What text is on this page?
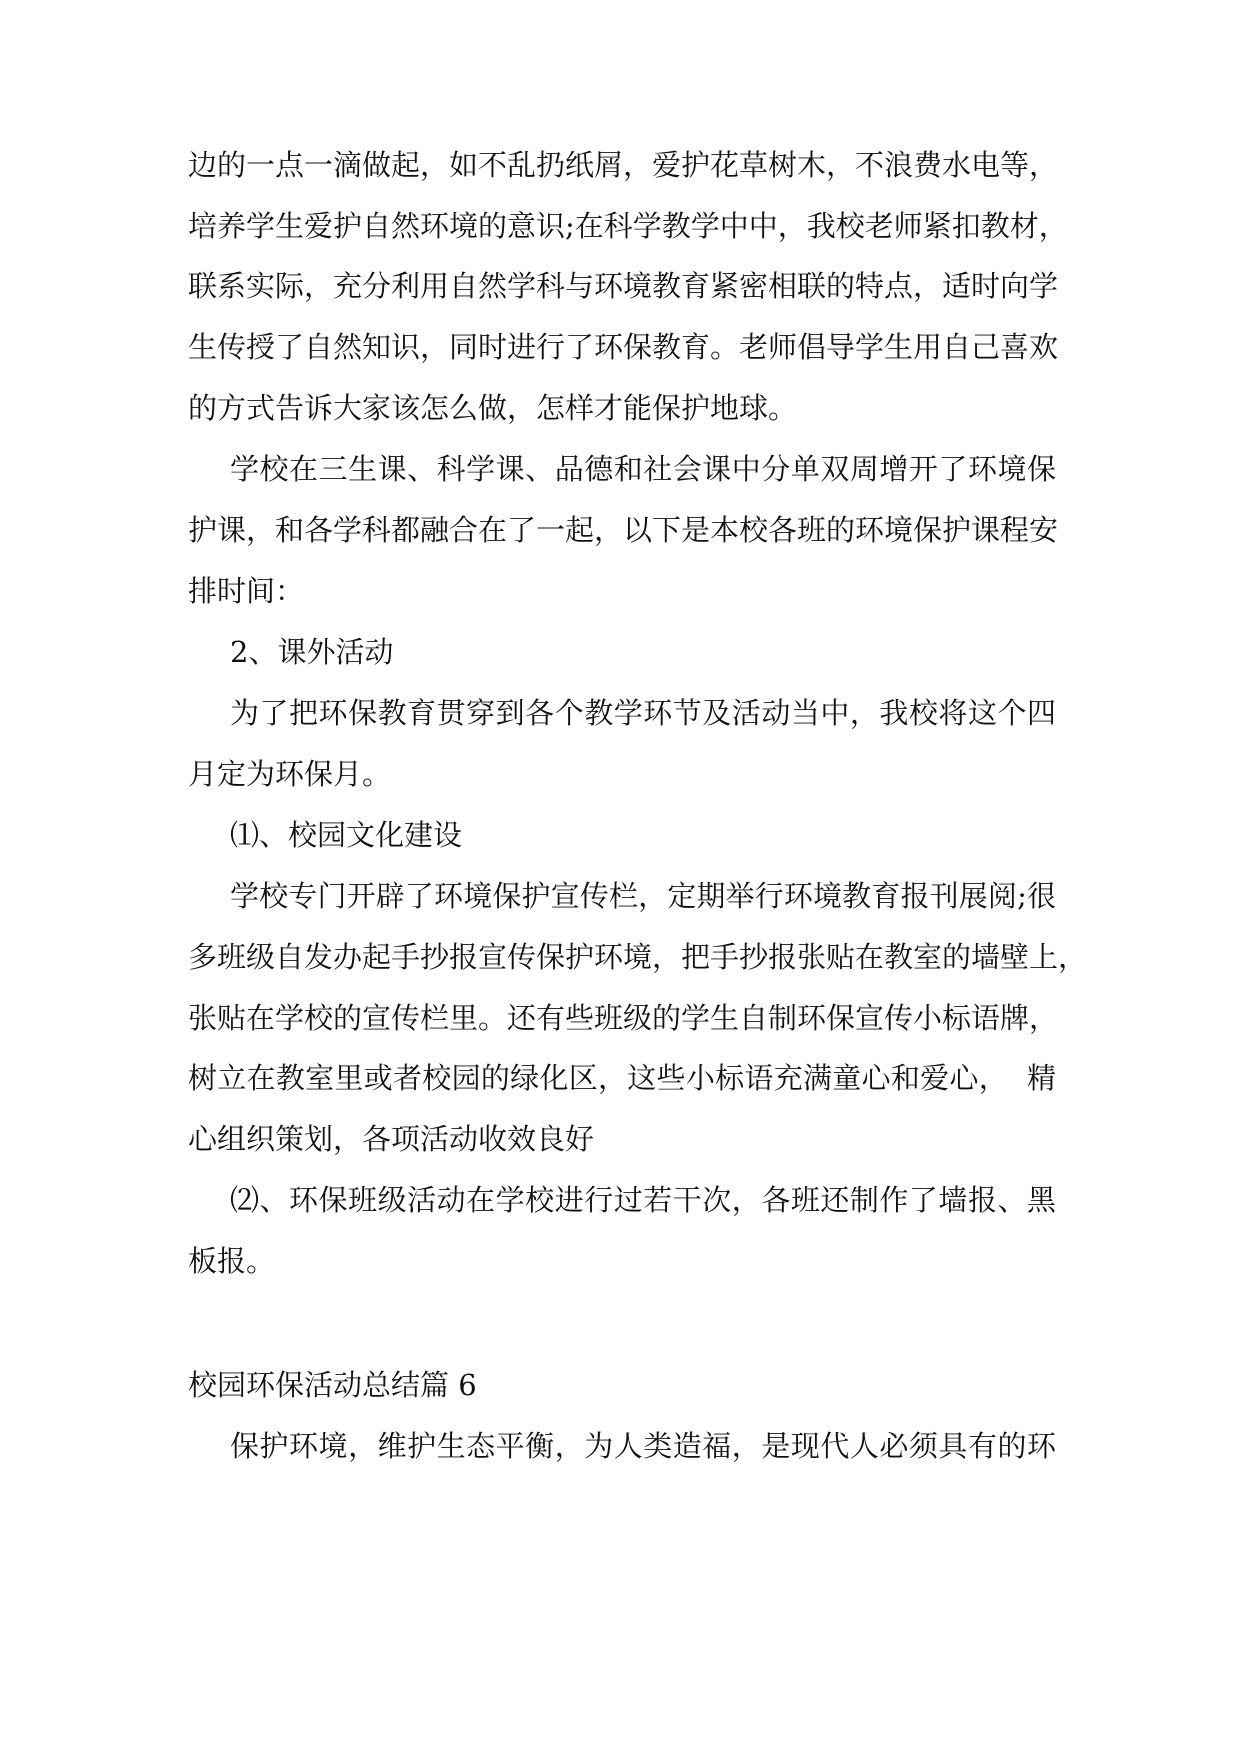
边的一点一滴做起，如不乱扔纸屑，爱护花草树木，不浪费水电等，
培养学生爱护自然环境的意识;在科学教学中中，我校老师紧扣教材，
联系实际，充分利用自然学科与环境教育紧密相联的特点，适时向学
生传授了自然知识，同时进行了环保教育。老师倡导学生用自己喜欢
的方式告诉大家该怎么做，怎样才能保护地球。
学校在三生课、科学课、品德和社会课中分单双周增开了环境保
护课，和各学科都融合在了一起，以下是本校各班的环境保护课程安
排时间：
2、课外活动
为了把环保教育贯穿到各个教学环节及活动当中，我校将这个四
月定为环保月。
⑴、校园文化建设
学校专门开辟了环境保护宣传栏，定期举行环境教育报刊展阅;很
多班级自发办起手抄报宣传保护环境，把手抄报张贴在教室的墙壁上，
张贴在学校的宣传栏里。还有些班级的学生自制环保宣传小标语牌，
树立在教室里或者校园的绿化区，这些小标语充满童心和爱心，  精
心组织策划，各项活动收效良好
⑵、环保班级活动在学校进行过若干次，各班还制作了墙报、黑
板报。
校园环保活动总结篇 6
保护环境，维护生态平衡，为人类造福，是现代人必须具有的环
